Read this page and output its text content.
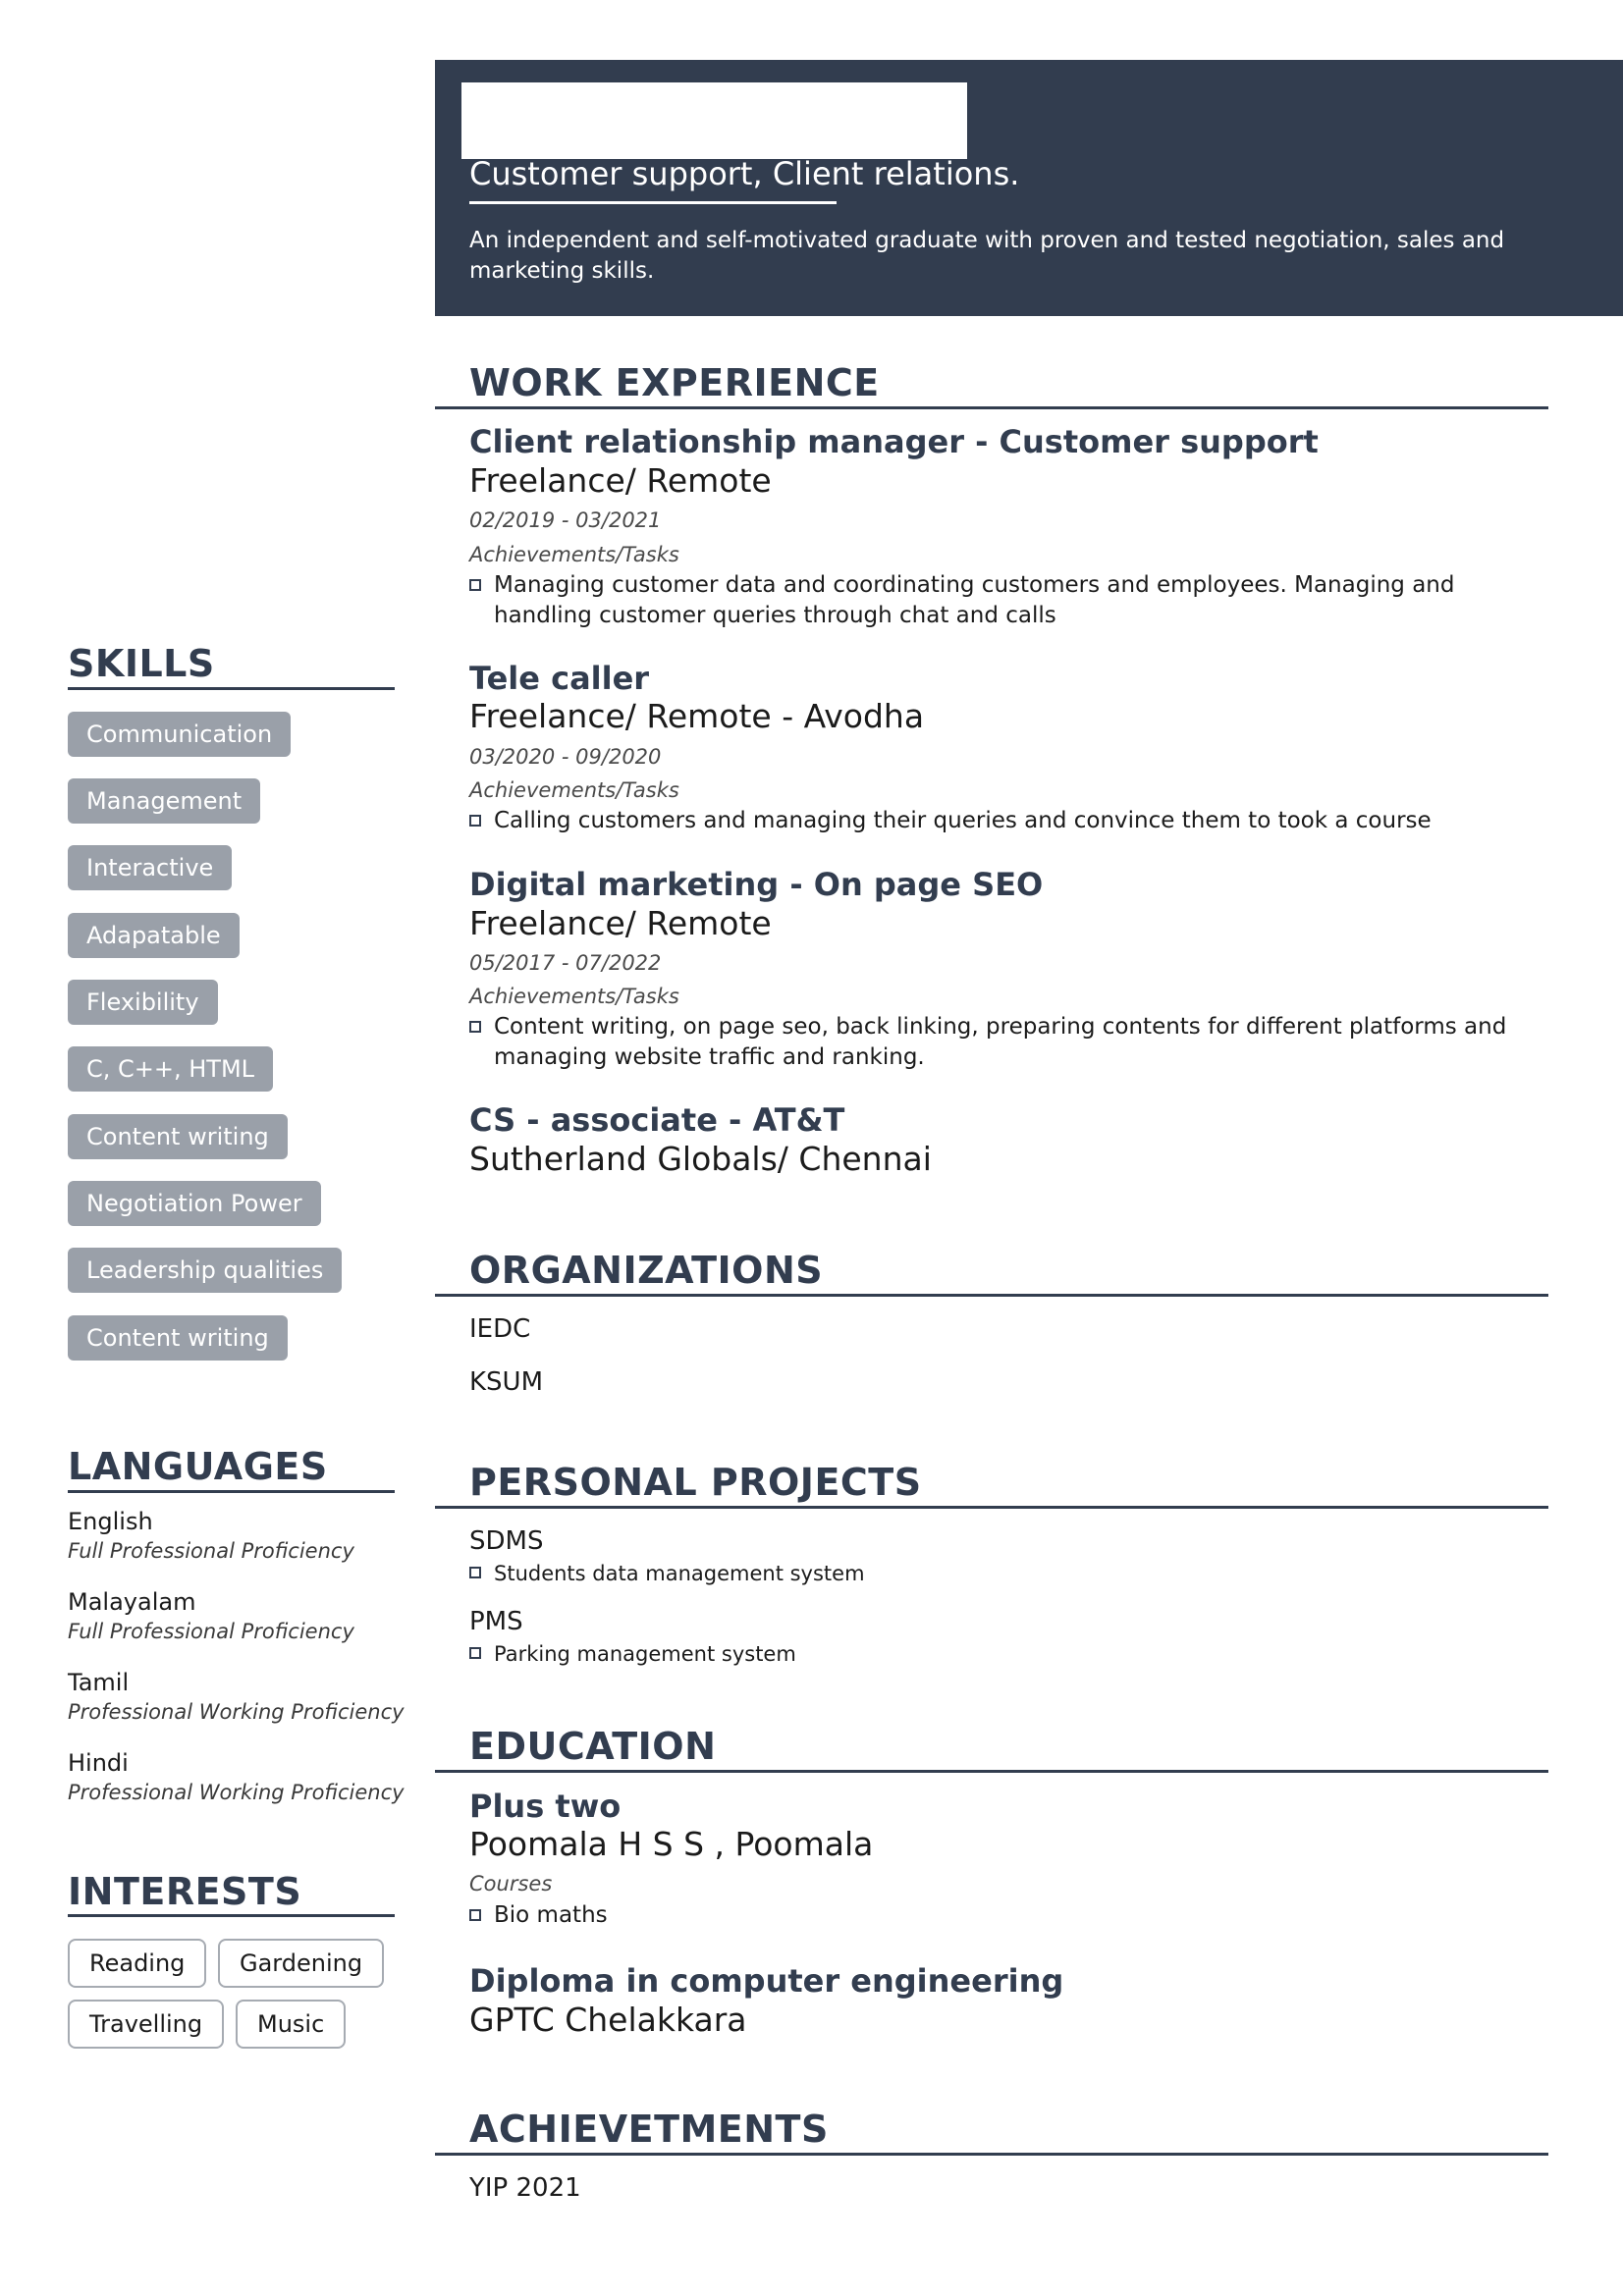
Customer support, Client relations.
An independent and self-motivated graduate with proven and tested negotiation, sales and marketing skills.
WORK EXPERIENCE
Client relationship manager - Customer support
Freelance/ Remote
02/2019 - 03/2021
Achievements/Tasks
Managing customer data and coordinating customers and employees. Managing and handling customer queries through chat and calls
Tele caller
Freelance/ Remote - Avodha
03/2020 - 09/2020
Achievements/Tasks
Calling customers and managing their queries and convince them to took a course
Digital marketing - On page SEO
Freelance/ Remote
05/2017 - 07/2022
Achievements/Tasks
Content writing, on page seo, back linking, preparing contents for different platforms and managing website traffic and ranking.
CS - associate - AT&T
Sutherland Globals/ Chennai
ORGANIZATIONS
IEDC
KSUM
PERSONAL PROJECTS
SDMS
Students data management system
PMS
Parking management system
EDUCATION
Plus two
Poomala H S S , Poomala
Courses
Bio maths
Diploma in computer engineering
GPTC Chelakkara
ACHIEVETMENTS
YIP 2021
SKILLS
Communication
Management
Interactive
Adapatable
Flexibility
C, C++, HTML
Content writing
Negotiation Power
Leadership qualities
Content writing
LANGUAGES
English
Full Professional Proficiency
Malayalam
Full Professional Proficiency
Tamil
Professional Working Proficiency
Hindi
Professional Working Proficiency
INTERESTS
Reading	Gardening
Travelling	Music
